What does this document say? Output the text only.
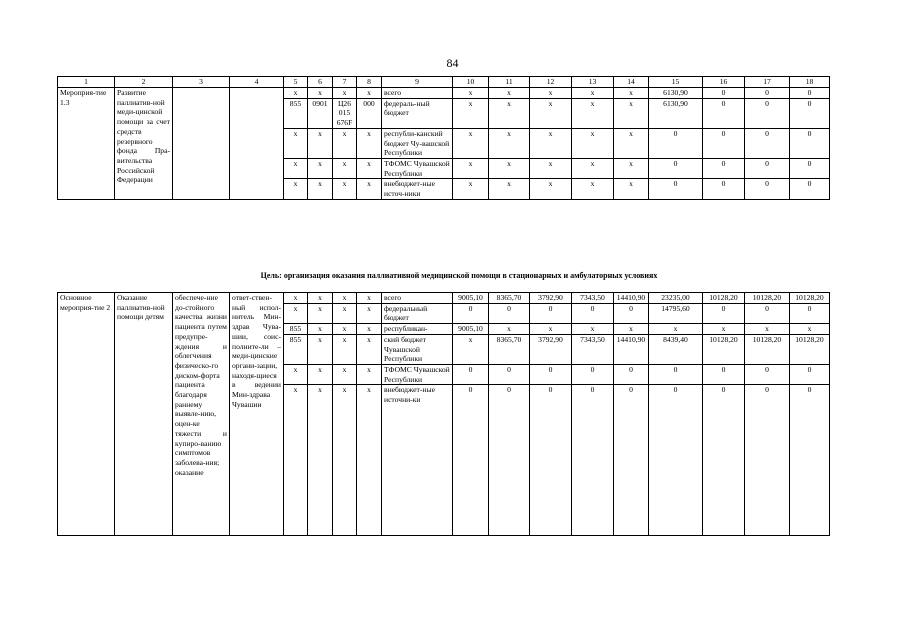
84
1	2	3	4	5	6	7	8	9	10	11	12	13	14	15	16	17	18
Мероприя-тие 1.3	Развитие паллиатив-ной меди-цинской помощи за счет средств резервного фонда Пра-вительства Российской Федерации			x	x	x	x	всего	x	x	x	x	x	6130,90	0	0	0
				855	0901	Ц26 015 676F	000	федераль-ный бюджет	x	x	x	x	x	6130,90	0	0	0
				x	x	x	x	республи-канский бюджет Чу-вашской Республики	x	x	x	x	x	0	0	0	0
				x	x	x	x	ТФОМС Чувашской Республики	x	x	x	x	x	0	0	0	0
				x	x	x	x	внебюджет-ные источ-ники	x	x	x	x	x	0	0	0	0
Цель: организация оказания паллиативной медицинской помощи в стационарных и амбулаторных условиях
Основное мероприя-тие 2	Оказание паллиатив-ной помощи детям	обеспече-ние до-стойного качества жизни пациента путем предупре-ждения и облегчения физическо-го диском-форта пациента благодаря раннему выявле-нию, оцен-ке тяжести и купиро-ванию симптомов заболева-ния; оказание	ответ-ствен-ный испол-нитель Мин-здрав Чува-шии, соис-полните-ли – меди-цинские органи-зации, находя-щиеся в ведении Мин-здрава Чувашии	x	x	x	x	всего	9005,10	8365,70	3792,90	7343,50	14410,90	23235,00	10128,20	10128,20	10128,20
				x	x	x	x	федеральный бюджет	0	0	0	0	0	14795,60	0	0	0
				855	x	x	x	республикан-	9005,10	x	x	x	x	x	x	x	x
				855	x	x	x	ский бюджет Чувашской Республики	x	8365,70	3792,90	7343,50	14410,90	8439,40	10128,20	10128,20	10128,20
				x	x	x	x	ТФОМС Чувашской Республики	0	0	0	0	0	0	0	0	0
				x	x	x	x	внебюджет-ные источни-ки	0	0	0	0	0	0	0	0	0
